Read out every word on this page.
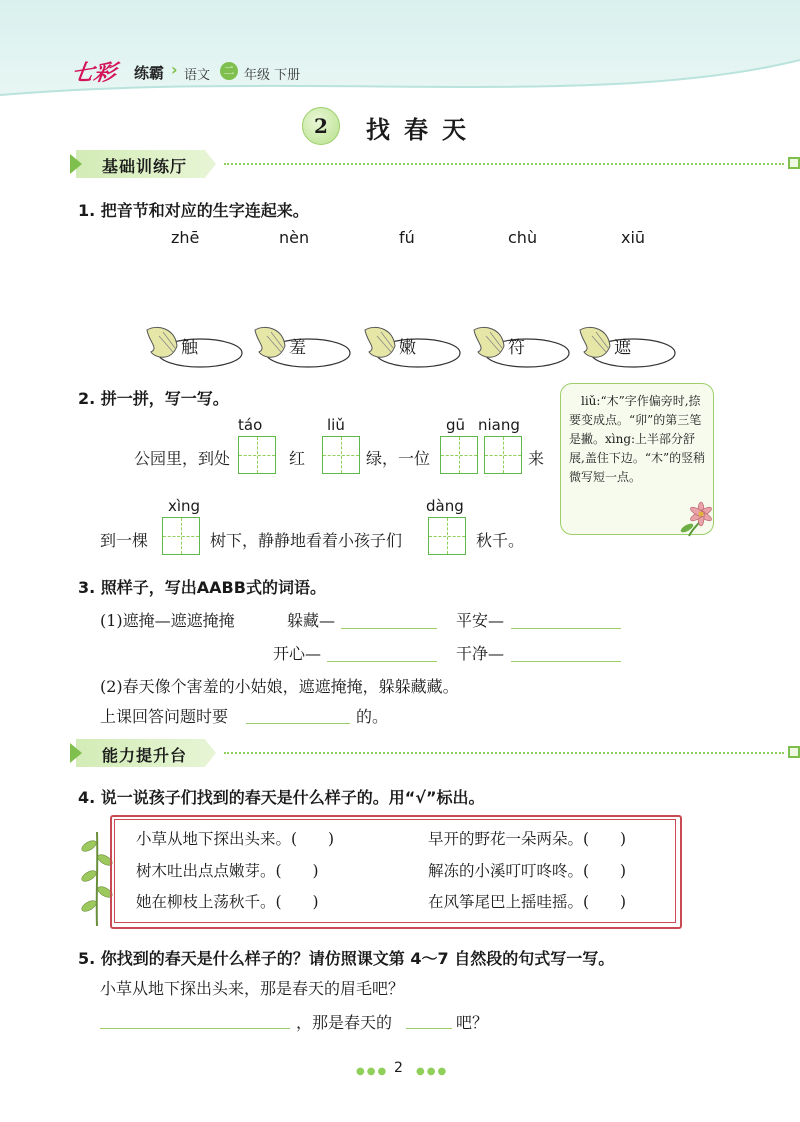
七彩 练霸 › 语文	二 年级 下册
2	找春天
基础训练厅
1. 把音节和对应的生字连起来。
zhē	nèn	fú	chù	xiū
触	羞	嫩	符	遮
2. 拼一拼，写一写。
táo	liǔ	gū niang
公园里，到处	红	绿，一位	来
xìng	dàng
到一棵	树下，静静地看着小孩子们	秋千。
liǔ:“木”字作偏旁时,捺要变成点。“卯”的第三笔是撇。xìng:上半部分舒展,盖住下边。“木”的竖稍微写短一点。
3. 照样子，写出AABB式的词语。
(1)遮掩—遮遮掩掩	躲藏—	平安—
开心—	干净—
(2)春天像个害羞的小姑娘，遮遮掩掩，躲躲藏藏。
上课回答问题时要	的。
能力提升台
4. 说一说孩子们找到的春天是什么样子的。用“√”标出。
小草从地下探出头来。(　　)	早开的野花一朵两朵。(　　)
树木吐出点点嫩芽。(　　)	解冻的小溪叮叮咚咚。(　　)
她在柳枝上荡秋千。(　　)	在风筝尾巴上摇哇摇。(　　)
5. 你找到的春天是什么样子的？请仿照课文第 4～7 自然段的句式写一写。
小草从地下探出头来，那是春天的眉毛吧？
，那是春天的	吧？
●●● 2 ●●●
